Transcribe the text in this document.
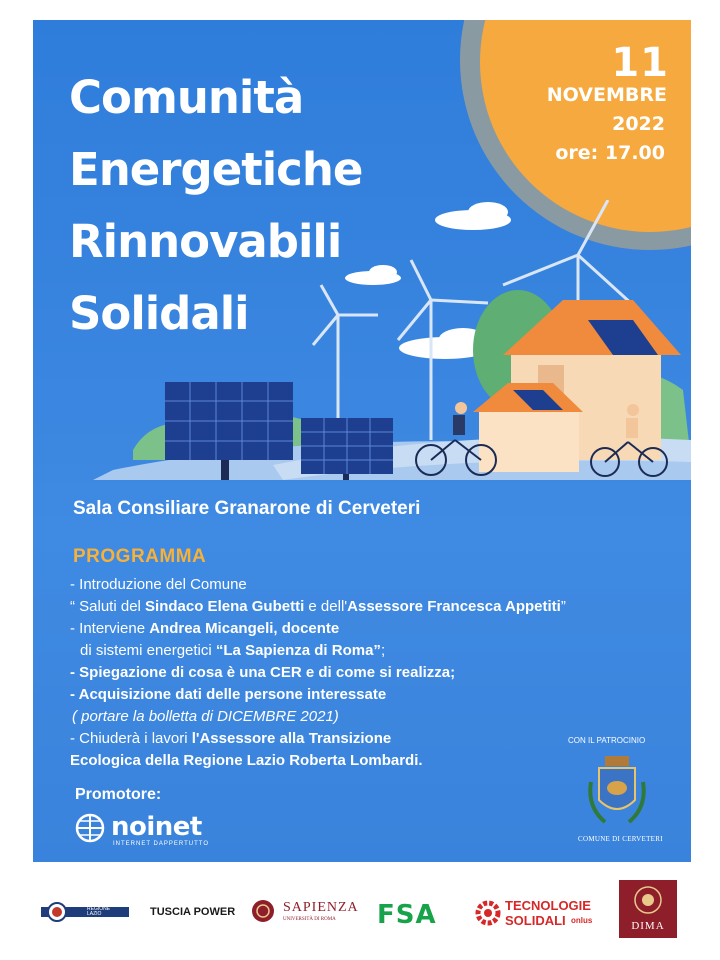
11
NOVEMBRE
2022
ore: 17.00
Comunità
Energetiche
Rinnovabili
Solidali
Sala Consiliare Granarone di Cerveteri
PROGRAMMA
- Introduzione del Comune
“ Saluti del Sindaco Elena Gubetti e dell'Assessore Francesca Appetiti”
- Interviene Andrea Micangeli, docente
di sistemi energetici “La Sapienza di Roma”;
- Spiegazione di cosa è una CER e di come si realizza;
- Acquisizione dati delle persone interessate
( portare la bolletta di DICEMBRE 2021)
- Chiuderà i lavori l'Assessore alla Transizione
Ecologica della Regione Lazio Roberta Lombardi.
CON IL PATROCINIO
COMUNE DI CERVETERI
Promotore:
noinet
INTERNET DAPPERTUTTO
REGIONE LAZIO	TUSCIA POWER	SAPIENZA
UNIVERSITÀ DI ROMA FSA	TECNOLOGIE
SOLIDALI onlus	DIMA
